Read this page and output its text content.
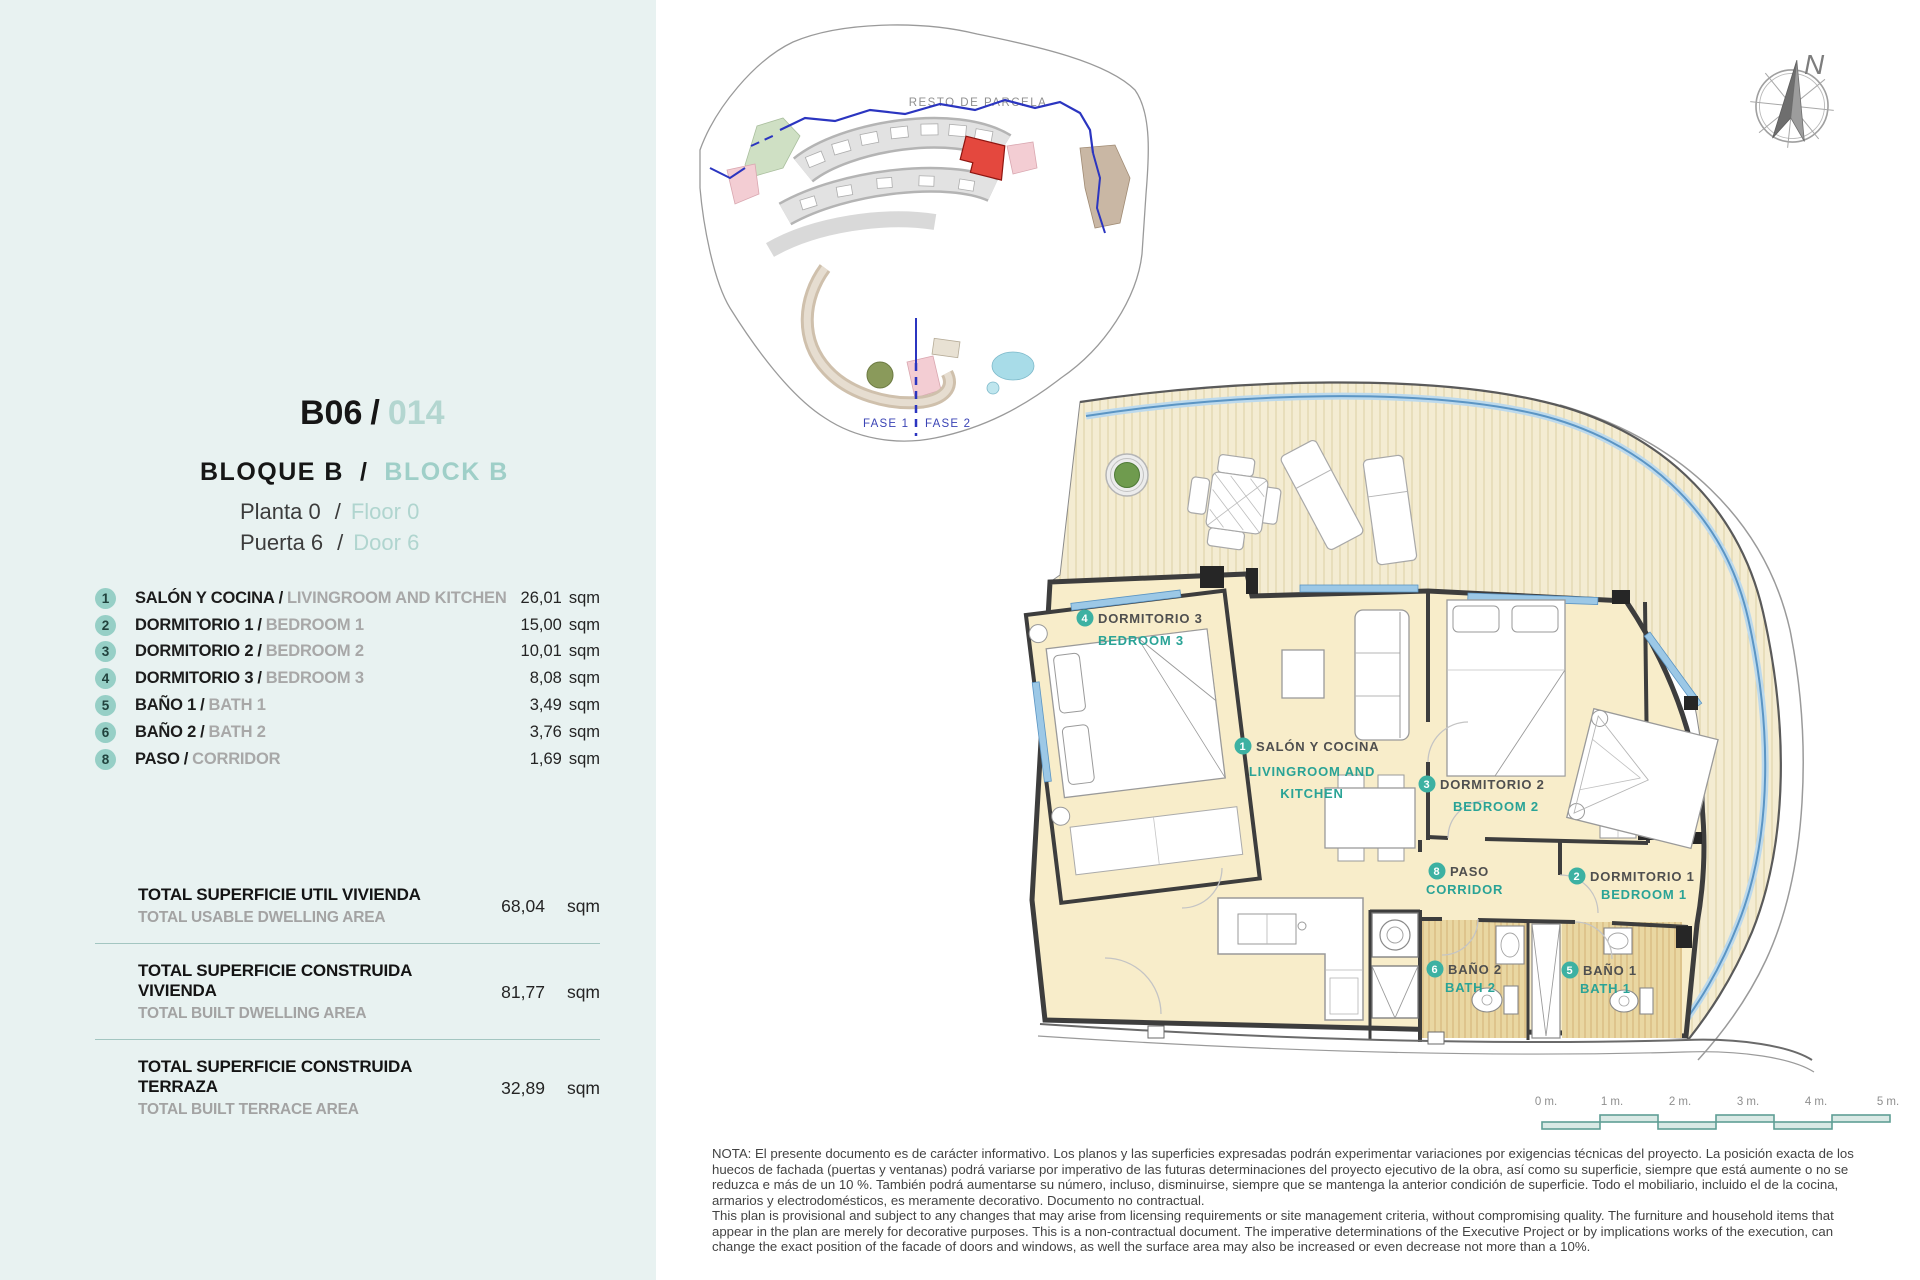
B06 / 014
BLOQUE B / BLOCK B
Planta 0 / Floor 0
Puerta 6 / Door 6
1	SALÓN Y COCINA / LIVINGROOM AND KITCHEN 26,01 sqm
2	DORMITORIO 1 / BEDROOM 1	15,00 sqm
3	DORMITORIO 2 / BEDROOM 2	10,01 sqm
4	DORMITORIO 3 / BEDROOM 3	8,08 sqm
5	BAÑO 1 / BATH 1	3,49 sqm
6	BAÑO 2 / BATH 2	3,76 sqm
8	PASO / CORRIDOR	1,69 sqm
TOTAL SUPERFICIE UTIL VIVIENDA
TOTAL USABLE DWELLING AREA
68,04 sqm
TOTAL SUPERFICIE CONSTRUIDA VIVIENDA
TOTAL BUILT DWELLING AREA
81,77 sqm
TOTAL SUPERFICIE CONSTRUIDA TERRAZA
TOTAL BUILT TERRACE AREA
32,89 sqm
RESTO DE PARCELA
FASE 1 FASE 2
N
4 DORMITORIO 3
BEDROOM 3
1 SALÓN Y COCINA
LIVINGROOM AND
KITCHEN
3 DORMITORIO 2
BEDROOM 2
8 PASO
CORRIDOR
2 DORMITORIO 1
BEDROOM 1
6 BAÑO 2
BATH 2
5 BAÑO 1
BATH 1
0 m.	1 m.	2 m.	3 m.	4 m.	5 m.

NOTA: El presente documento es de carácter informativo. Los planos y las superficies expresadas podrán experimentar variaciones por exigencias técnicas del proyecto. La posición exacta de los huecos de fachada (puertas y ventanas) podrá variarse por imperativo de las futuras determinaciones del proyecto ejecutivo de la obra, así como su superficie, siempre que está aumente o no se reduzca e más de un 10 %. También podrá aumentarse su número, incluso, disminuirse, siempre que se mantenga la anterior condición de superficie. Todo el mobiliario, incluido el de la cocina, armarios y electrodomésticos, es meramente decorativo. Documento no contractual.

This plan is provisional and subject to any changes that may arise from licensing requirements or site management criteria, without compromising quality. The furniture and household items that appear in the plan are merely for decorative purposes. This is a non-contractual document. The imperative determinations of the Executive Project or by implications works of the execution, can change the exact position of the facade of doors and windows, as well the surface area may also be increased or even decrease not more than a 10%.
